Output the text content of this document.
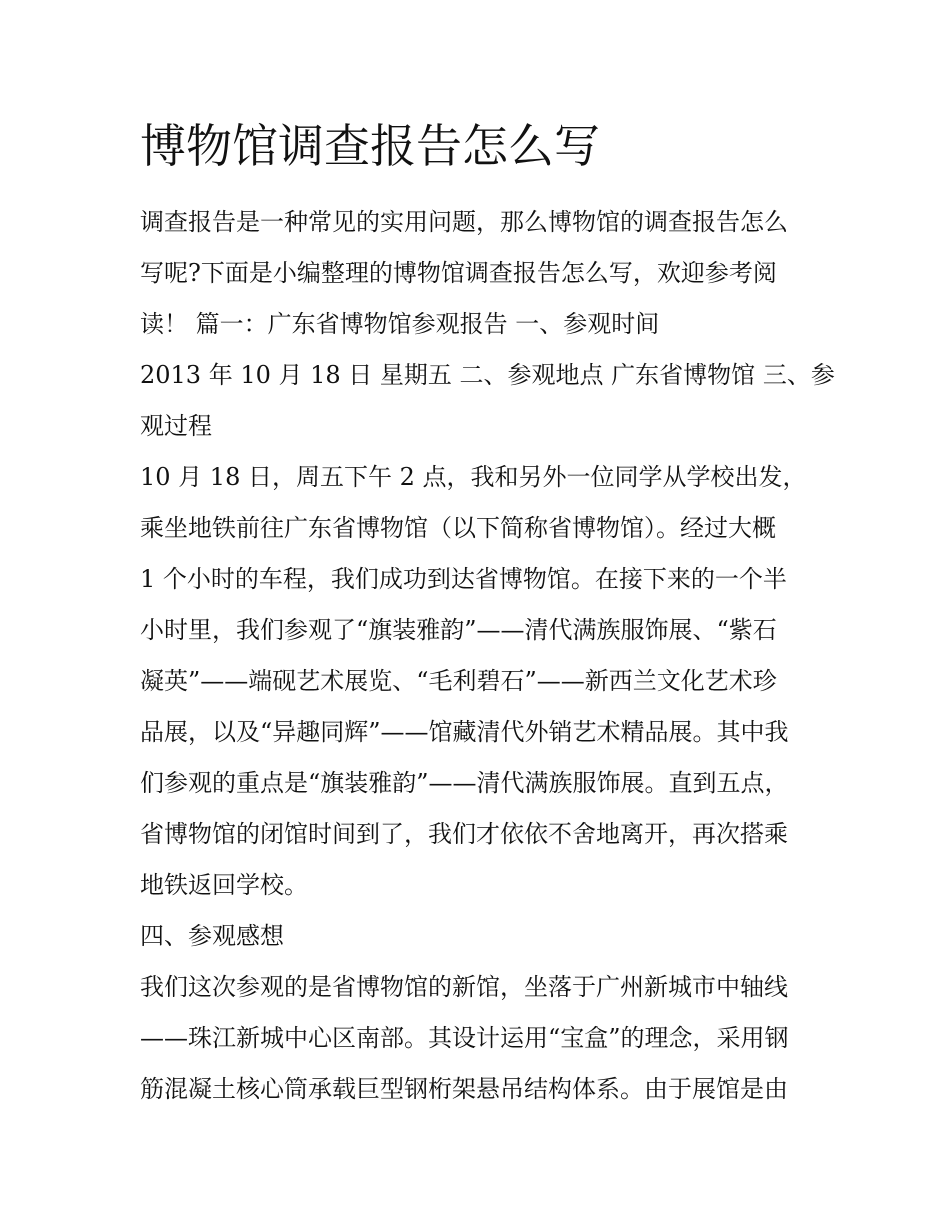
博物馆调查报告怎么写

调查报告是一种常见的实用问题，那么博物馆的调查报告怎么

写呢?下面是小编整理的博物馆调查报告怎么写，欢迎参考阅

读！ 篇一：广东省博物馆参观报告 一、参观时间

2013 年 10 月 18 日 星期五 二、参观地点 广东省博物馆 三、参

观过程

10 月 18 日，周五下午 2 点，我和另外一位同学从学校出发，

乘坐地铁前往广东省博物馆（以下简称省博物馆）。经过大概

1 个小时的车程，我们成功到达省博物馆。在接下来的一个半

小时里，我们参观了“旗装雅韵”——清代满族服饰展、“紫石

凝英”——端砚艺术展览、“毛利碧石”——新西兰文化艺术珍

品展，以及“异趣同辉”——馆藏清代外销艺术精品展。其中我

们参观的重点是“旗装雅韵”——清代满族服饰展。直到五点，

省博物馆的闭馆时间到了，我们才依依不舍地离开，再次搭乘

地铁返回学校。

四、参观感想

我们这次参观的是省博物馆的新馆，坐落于广州新城市中轴线

——珠江新城中心区南部。其设计运用“宝盒”的理念，采用钢

筋混凝土核心筒承载巨型钢桁架悬吊结构体系。由于展馆是由
